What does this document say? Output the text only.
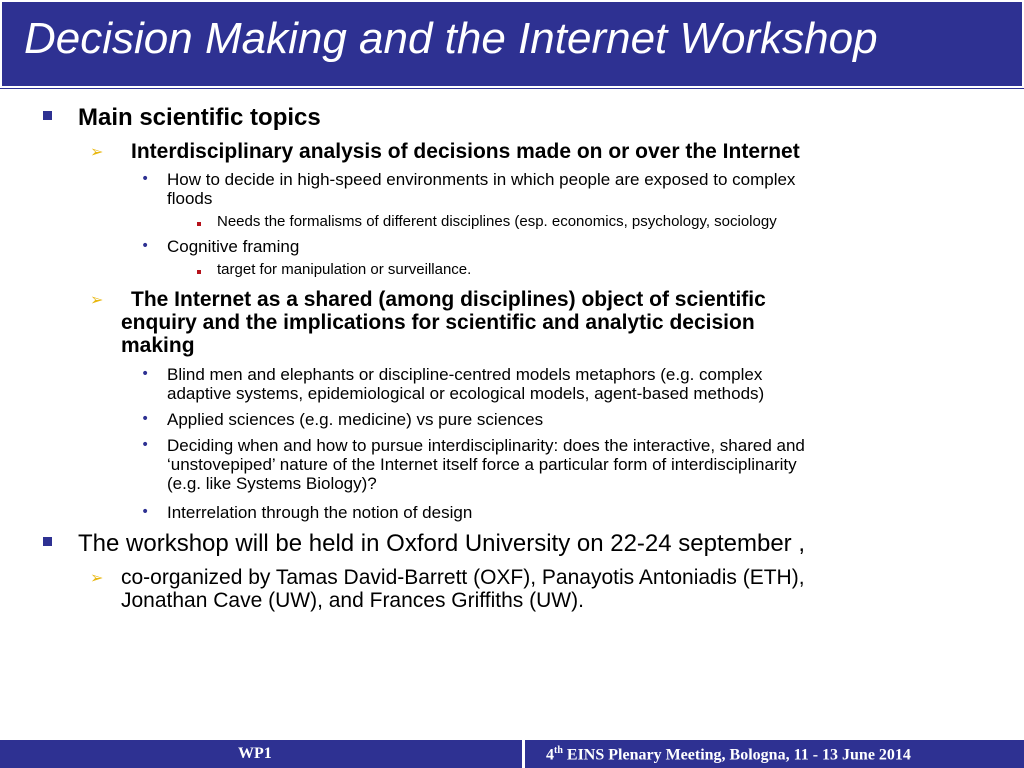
Decision Making and the Internet Workshop
Main scientific topics
➢ Interdisciplinary analysis of decisions made on or over the Internet
• How to decide in high-speed environments in which people are exposed to complex
floods
Needs the formalisms of different disciplines (esp. economics, psychology, sociology
• Cognitive framing
target for manipulation or surveillance.
➢ The Internet as a shared (among disciplines) object of scientific
enquiry and the implications for scientific and analytic decision
making
• Blind men and elephants or discipline-centred models metaphors (e.g. complex
adaptive systems, epidemiological or ecological models, agent-based methods)
• Applied sciences (e.g. medicine) vs pure sciences
• Deciding when and how to pursue interdisciplinarity: does the interactive, shared and
‘unstovepiped’ nature of the Internet itself force a particular form of interdisciplinarity
(e.g. like Systems Biology)?
• Interrelation through the notion of design
The workshop will be held in Oxford University on 22-24 september ,
➢ co-organized by Tamas David-Barrett (OXF), Panayotis Antoniadis (ETH),
Jonathan Cave (UW), and Frances Griffiths (UW).
WP1	4th EINS Plenary Meeting, Bologna, 11 - 13 June 2014
